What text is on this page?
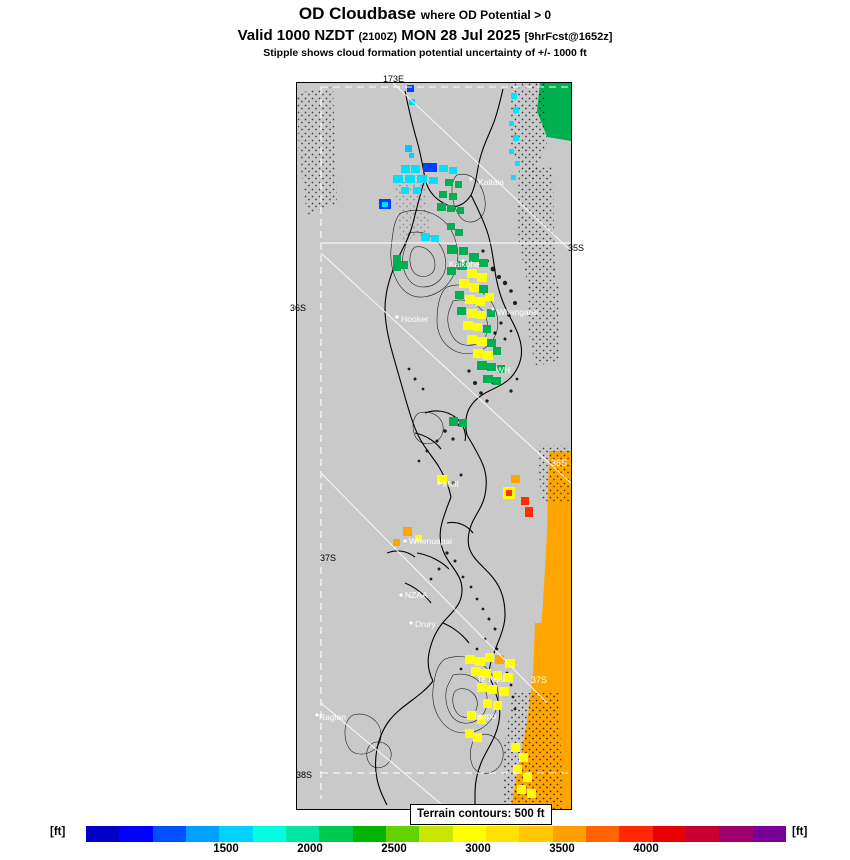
OD Cloudbase where OD Potential > 0
Valid 1000 NZDT (2100Z) MON 28 Jul 2025 [9hrFcst@1652z]
Stipple shows cloud formation potential uncertainty of +/- 1000 ft
Kaitaia
Kaikohe
Whangarei
Hooker
WH
Mell
Whenuapai
NZAA
Drury
Raglan
Te Kuiti
Taupo
36S
37S
173E
35S
36S
37S
38S
Terrain contours: 500 ft
[ft]	[ft]
1500	2000	2500	3000	3500	4000
